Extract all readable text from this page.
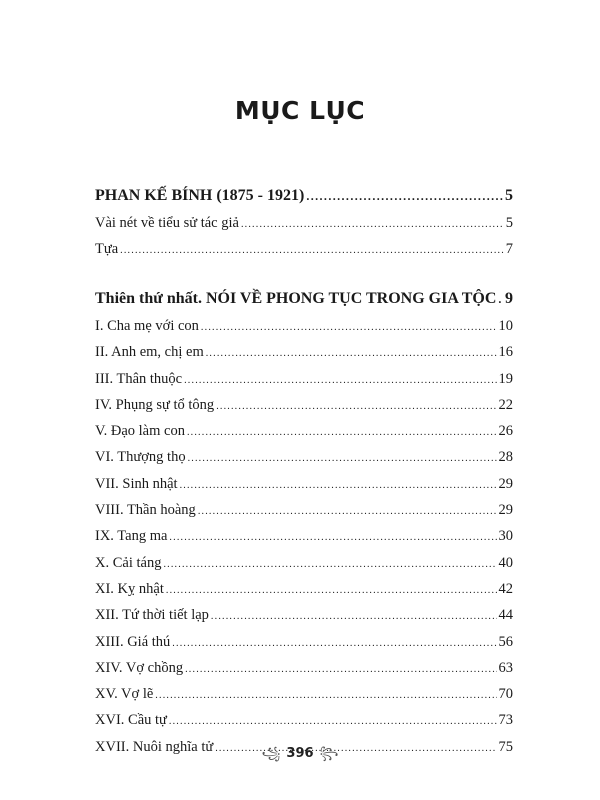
MỤC LỤC
PHAN KẾ BÍNH (1875 - 1921) .....	5
Vài nét về tiểu sử tác giả .....	5
Tựa .....	7
Thiên thứ nhất. NÓI VỀ PHONG TỤC TRONG GIA TỘC ..... 9
I. Cha mẹ với con .....	10
II. Anh em, chị em .....	16
III. Thân thuộc .....	19
IV. Phụng sự tổ tông .....	22
V. Đạo làm con .....	26
VI. Thượng thọ .....	28
VII. Sinh nhật .....	29
VIII. Thần hoàng .....	29
IX. Tang ma .....	30
X. Cải táng .....	40
XI. Kỵ nhật .....	42
XII. Tứ thời tiết lạp .....	44
XIII. Giá thú .....	56
XIV. Vợ chồng .....	63
XV. Vợ lẽ .....	70
XVI. Cầu tự .....	73
XVII. Nuôi nghĩa tử .....	75
꧁ 396 ꧂
